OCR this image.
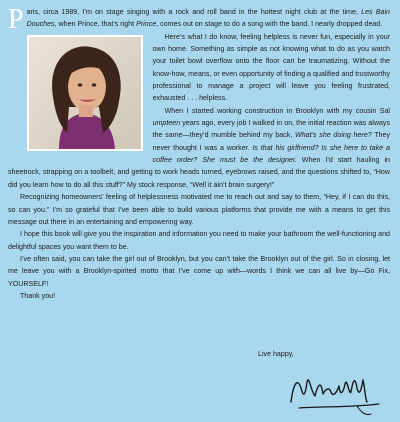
Paris, circa 1989, I’m on stage singing with a rock and roll band in the hottest night club at the time, Les Bain Douches, when Prince, that’s right Prince, comes out on stage to do a song with the band. I nearly dropped dead.

Here’s what I do know, feeling helpless is never fun, especially in your own home. Something as simple as not knowing what to do as you watch your toilet bowl overflow onto the floor can be traumatizing. Without the know-how, means, or even opportunity of finding a qualified and trustworthy professional to manage a project will leave you feeling frustrated, exhausted . . . helpless.

When I started working construction in Brooklyn with my cousin Sal umpteen years ago, every job I walked in on, the initial reaction was always the same—they’d mumble behind my back, What’s she doing here? They never thought I was a worker. Is that his girlfriend? Is she here to take a coffee order? She must be the designer. When I’d start hauling in sheetrock, strapping on a toolbelt, and getting to work heads turned, eyebrows raised, and the questions shifted to, “How did you learn how to do all this stuff?” My stock response, “Well it ain’t brain surgery!”

Recognizing homeowners’ feeling of helplessness motivated me to reach out and say to them, “Hey, if I can do this, so can you.” I’m so grateful that I’ve been able to build various platforms that provide me with a means to get this message out there in an entertaining and empowering way.

I hope this book will give you the inspiration and information you need to make your bathroom the well-functioning and delightful spaces you want them to be.

I’ve often said, you can take the girl out of Brooklyn, but you can’t take the Brooklyn out of the girl. So in closing, let me leave you with a Brooklyn-spirited motto that I’ve come up with—words I think we can all live by—Go Fix, YOURSELF!

Thank you!

Live happy,
